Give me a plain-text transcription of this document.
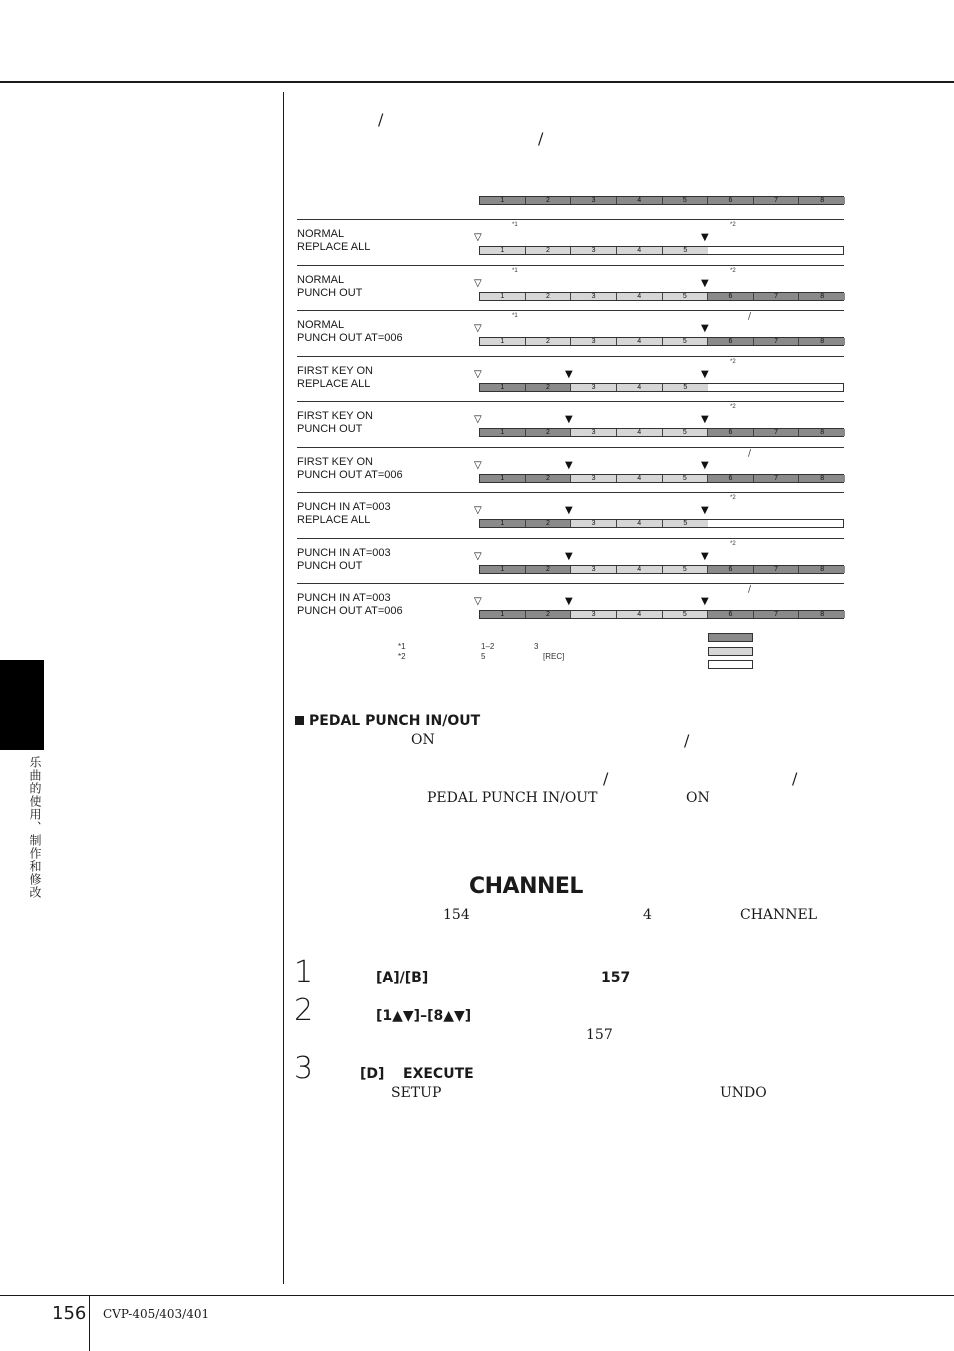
乐曲的使用、制作和修改
/
/
1	2	3	4	5	6	7	8
NORMAL
REPLACE ALL
*1	*2
▽	▼
1	2	3	4	5
NORMAL
PUNCH OUT
*1	*2
▽	▼
1	2	3	4	5	6	7	8
NORMAL
PUNCH OUT AT=006
*1	/
▽	▼
1	2	3	4	5	6	7	8
FIRST KEY ON
REPLACE ALL
*2
▽	▼	▼
1	2	3	4	5
FIRST KEY ON
PUNCH OUT
*2
▽	▼	▼
1	2	3	4	5	6	7	8
FIRST KEY ON
PUNCH OUT AT=006
/
▽	▼	▼
1	2	3	4	5	6	7	8
PUNCH IN AT=003
REPLACE ALL
*2
▽	▼	▼
1	2	3	4	5
PUNCH IN AT=003
PUNCH OUT
*2
▽	▼	▼
1	2	3	4	5	6	7	8
PUNCH IN AT=003
PUNCH OUT AT=006
/
▽	▼	▼
1	2	3	4	5	6	7	8
*1
*2
1–2	3
5	[REC]
PEDAL PUNCH IN/OUT
ON	/
/	/
PEDAL PUNCH IN/OUT	ON
CHANNEL
154	4	CHANNEL
1	[A]/[B]	157
2	[1▲▼]–[8▲▼]
157
3	[D] EXECUTE
SETUP	UNDO
156 CVP-405/403/401
